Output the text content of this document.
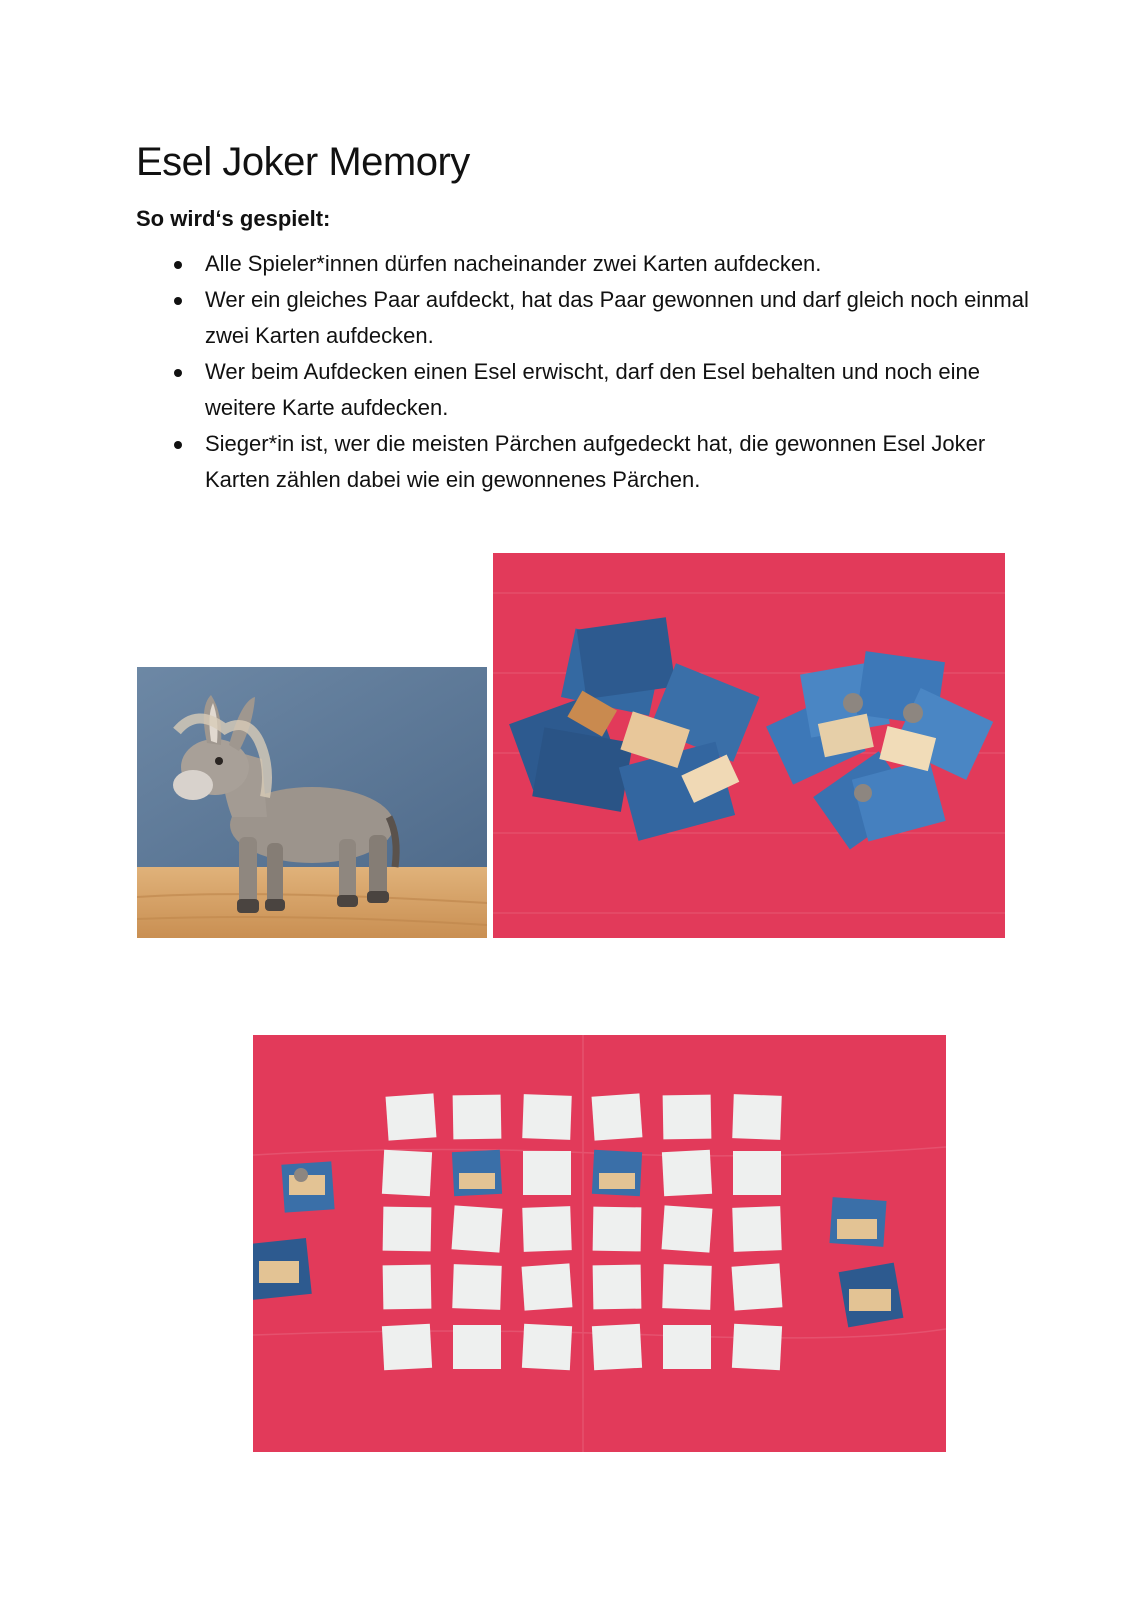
Esel Joker Memory
So wird‘s gespielt:
Alle Spieler*innen dürfen nacheinander zwei Karten aufdecken.
Wer ein gleiches Paar aufdeckt, hat das Paar gewonnen und darf gleich noch einmal zwei Karten aufdecken.
Wer beim Aufdecken einen Esel erwischt, darf den Esel behalten und noch eine weitere Karte aufdecken.
Sieger*in ist, wer die meisten Pärchen aufgedeckt hat, die gewonnen Esel Joker Karten zählen dabei wie ein gewonnenes Pärchen.
